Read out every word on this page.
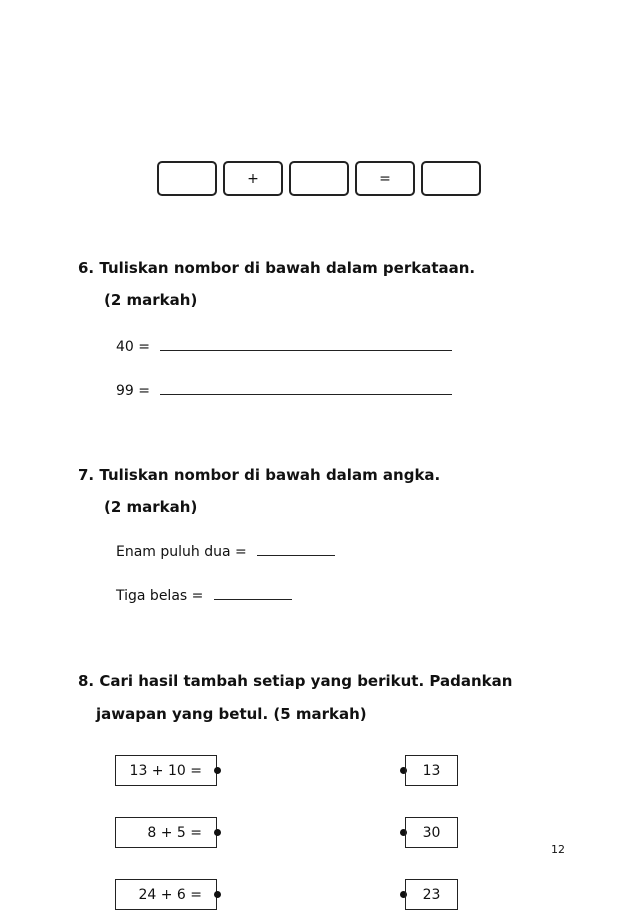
+	=
6. Tuliskan nombor di bawah dalam perkataan.
(2 markah)
40 =
99 =
7. Tuliskan nombor di bawah dalam angka.
(2 markah)
Enam puluh dua =
Tiga belas =
8. Cari hasil tambah setiap yang berikut. Padankan
jawapan yang betul. (5 markah)
13 + 10 =	13
8 + 5 =	30
24 + 6 =	23
12
